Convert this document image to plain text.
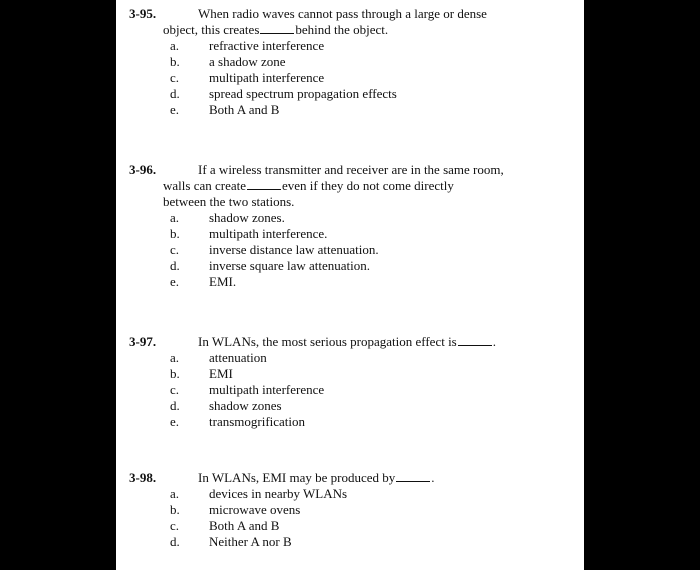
3-95.	When radio waves cannot pass through a large or dense
object, this creates	behind the object.
a. refractive interference
b. a shadow zone
c. multipath interference
d. spread spectrum propagation effects
e. Both A and B
3-96.	If a wireless transmitter and receiver are in the same room,
walls can create	even if they do not come directly
between the two stations.
a. shadow zones.
b. multipath interference.
c. inverse distance law attenuation.
d. inverse square law attenuation.
e. EMI.
3-97.	In WLANs, the most serious propagation effect is	.
a. attenuation
b. EMI
c. multipath interference
d. shadow zones
e. transmogrification
3-98.	In WLANs, EMI may be produced by	.
a. devices in nearby WLANs
b. microwave ovens
c. Both A and B
d. Neither A nor B
